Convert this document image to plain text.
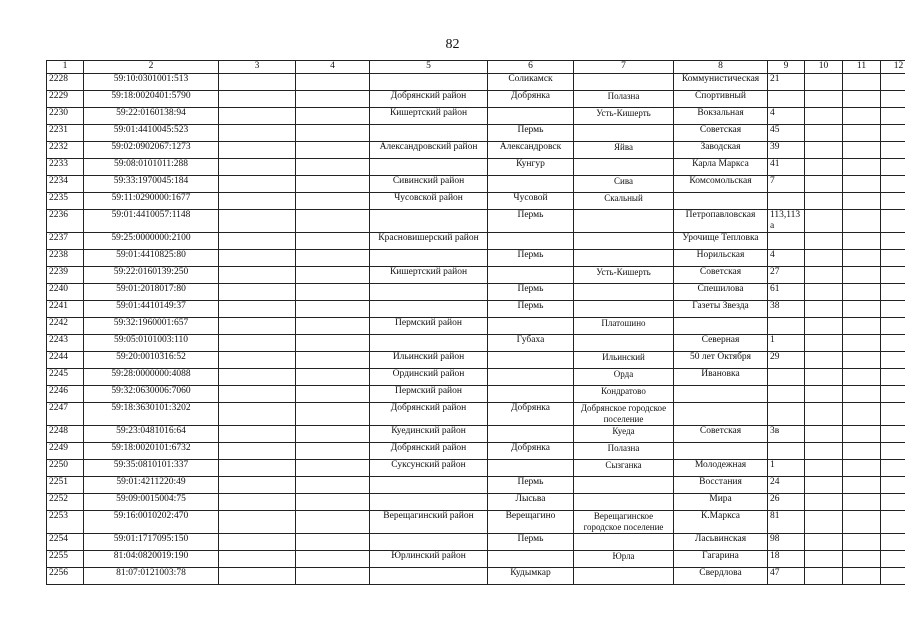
82
1	2	3	4	5	6	7	8	9	10	11	12
2228	59:10:0301001:513				Соликамск		Коммунистическая	21			
2229	59:18:0020401:5790			Добрянский район	Добрянка	Полазна	Спортивный				
2230	59:22:0160138:94			Кишертский район		Усть-Кишерть	Вокзальная	4			
2231	59:01:4410045:523				Пермь		Советская	45			
2232	59:02:0902067:1273			Александровский район	Александровск	Яйва	Заводская	39			
2233	59:08:0101011:288				Кунгур		Карла Маркса	41			
2234	59:33:1970045:184			Сивинский район		Сива	Комсомольская	7			
2235	59:11:0290000:1677			Чусовской район	Чусовой	Скальный					
2236	59:01:4410057:1148				Пермь		Петропавловская	113,113 а			
2237	59:25:0000000:2100			Красновишерский район			Урочище Тепловка				
2238	59:01:4410825:80				Пермь		Норильская	4			
2239	59:22:0160139:250			Кишертский район		Усть-Кишерть	Советская	27			
2240	59:01:2018017:80				Пермь		Спешилова	61			
2241	59:01:4410149:37				Пермь		Газеты Звезда	38			
2242	59:32:1960001:657			Пермский район		Платошино					
2243	59:05:0101003:110				Губаха		Северная	1			
2244	59:20:0010316:52			Ильинский район		Ильинский	50 лет Октября	29			
2245	59:28:0000000:4088			Ординский район		Орда	Ивановка				
2246	59:32:0630006:7060			Пермский район		Кондратово					
2247	59:18:3630101:3202			Добрянский район	Добрянка	Добрянское городское поселение					
2248	59:23:0481016:64			Куединский район		Куеда	Советская	3в			
2249	59:18:0020101:6732			Добрянский район	Добрянка	Полазна					
2250	59:35:0810101:337			Суксунский район		Сызганка	Молодежная	1			
2251	59:01:4211220:49				Пермь		Восстания	24			
2252	59:09:0015004:75				Лысьва		Мира	26			
2253	59:16:0010202:470			Верещагинский район	Верещагино	Верещагинское городское поселение	К.Маркса	81			
2254	59:01:1717095:150				Пермь		Ласьвинская	98			
2255	81:04:0820019:190			Юрлинский район		Юрла	Гагарина	18			
2256	81:07:0121003:78				Кудымкар		Свердлова	47			
